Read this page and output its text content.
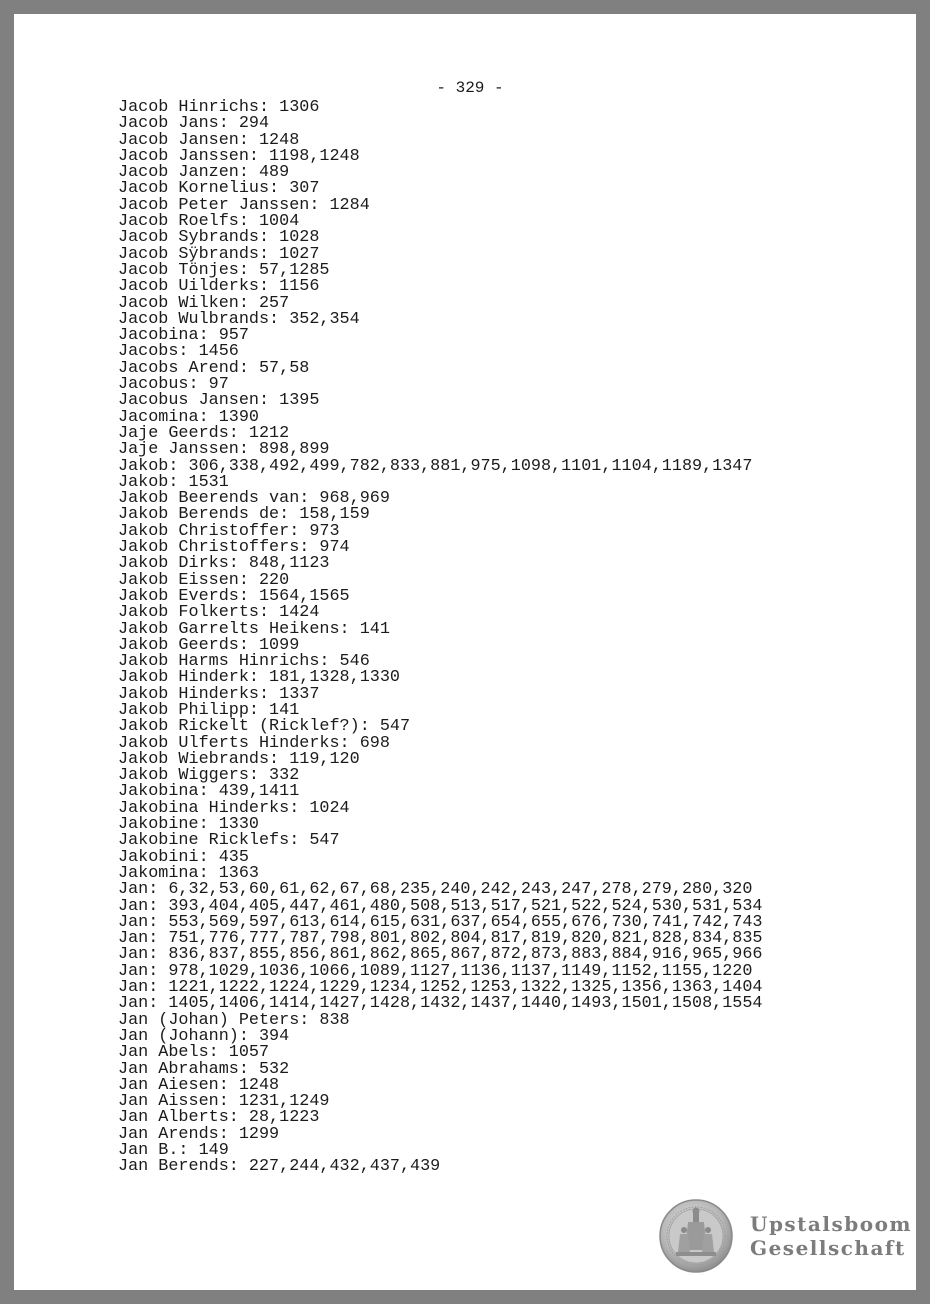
- 329 -
Jacob Hinrichs: 1306
Jacob Jans: 294
Jacob Jansen: 1248
Jacob Janssen: 1198,1248
Jacob Janzen: 489
Jacob Kornelius: 307
Jacob Peter Janssen: 1284
Jacob Roelfs: 1004
Jacob Sybrands: 1028
Jacob Sÿbrands: 1027
Jacob Tönjes: 57,1285
Jacob Uilderks: 1156
Jacob Wilken: 257
Jacob Wulbrands: 352,354
Jacobina: 957
Jacobs: 1456
Jacobs Arend: 57,58
Jacobus: 97
Jacobus Jansen: 1395
Jacomina: 1390
Jaje Geerds: 1212
Jaje Janssen: 898,899
Jakob: 306,338,492,499,782,833,881,975,1098,1101,1104,1189,1347
Jakob: 1531
Jakob Beerends van: 968,969
Jakob Berends de: 158,159
Jakob Christoffer: 973
Jakob Christoffers: 974
Jakob Dirks: 848,1123
Jakob Eissen: 220
Jakob Everds: 1564,1565
Jakob Folkerts: 1424
Jakob Garrelts Heikens: 141
Jakob Geerds: 1099
Jakob Harms Hinrichs: 546
Jakob Hinderk: 181,1328,1330
Jakob Hinderks: 1337
Jakob Philipp: 141
Jakob Rickelt (Ricklef?): 547
Jakob Ulferts Hinderks: 698
Jakob Wiebrands: 119,120
Jakob Wiggers: 332
Jakobina: 439,1411
Jakobina Hinderks: 1024
Jakobine: 1330
Jakobine Ricklefs: 547
Jakobini: 435
Jakomina: 1363
Jan: 6,32,53,60,61,62,67,68,235,240,242,243,247,278,279,280,320
Jan: 393,404,405,447,461,480,508,513,517,521,522,524,530,531,534
Jan: 553,569,597,613,614,615,631,637,654,655,676,730,741,742,743
Jan: 751,776,777,787,798,801,802,804,817,819,820,821,828,834,835
Jan: 836,837,855,856,861,862,865,867,872,873,883,884,916,965,966
Jan: 978,1029,1036,1066,1089,1127,1136,1137,1149,1152,1155,1220
Jan: 1221,1222,1224,1229,1234,1252,1253,1322,1325,1356,1363,1404
Jan: 1405,1406,1414,1427,1428,1432,1437,1440,1493,1501,1508,1554
Jan (Johan) Peters: 838
Jan (Johann): 394
Jan Abels: 1057
Jan Abrahams: 532
Jan Aiesen: 1248
Jan Aissen: 1231,1249
Jan Alberts: 28,1223
Jan Arends: 1299
Jan B.: 149
Jan Berends: 227,244,432,437,439
Upstalsboom
Gesellschaft
